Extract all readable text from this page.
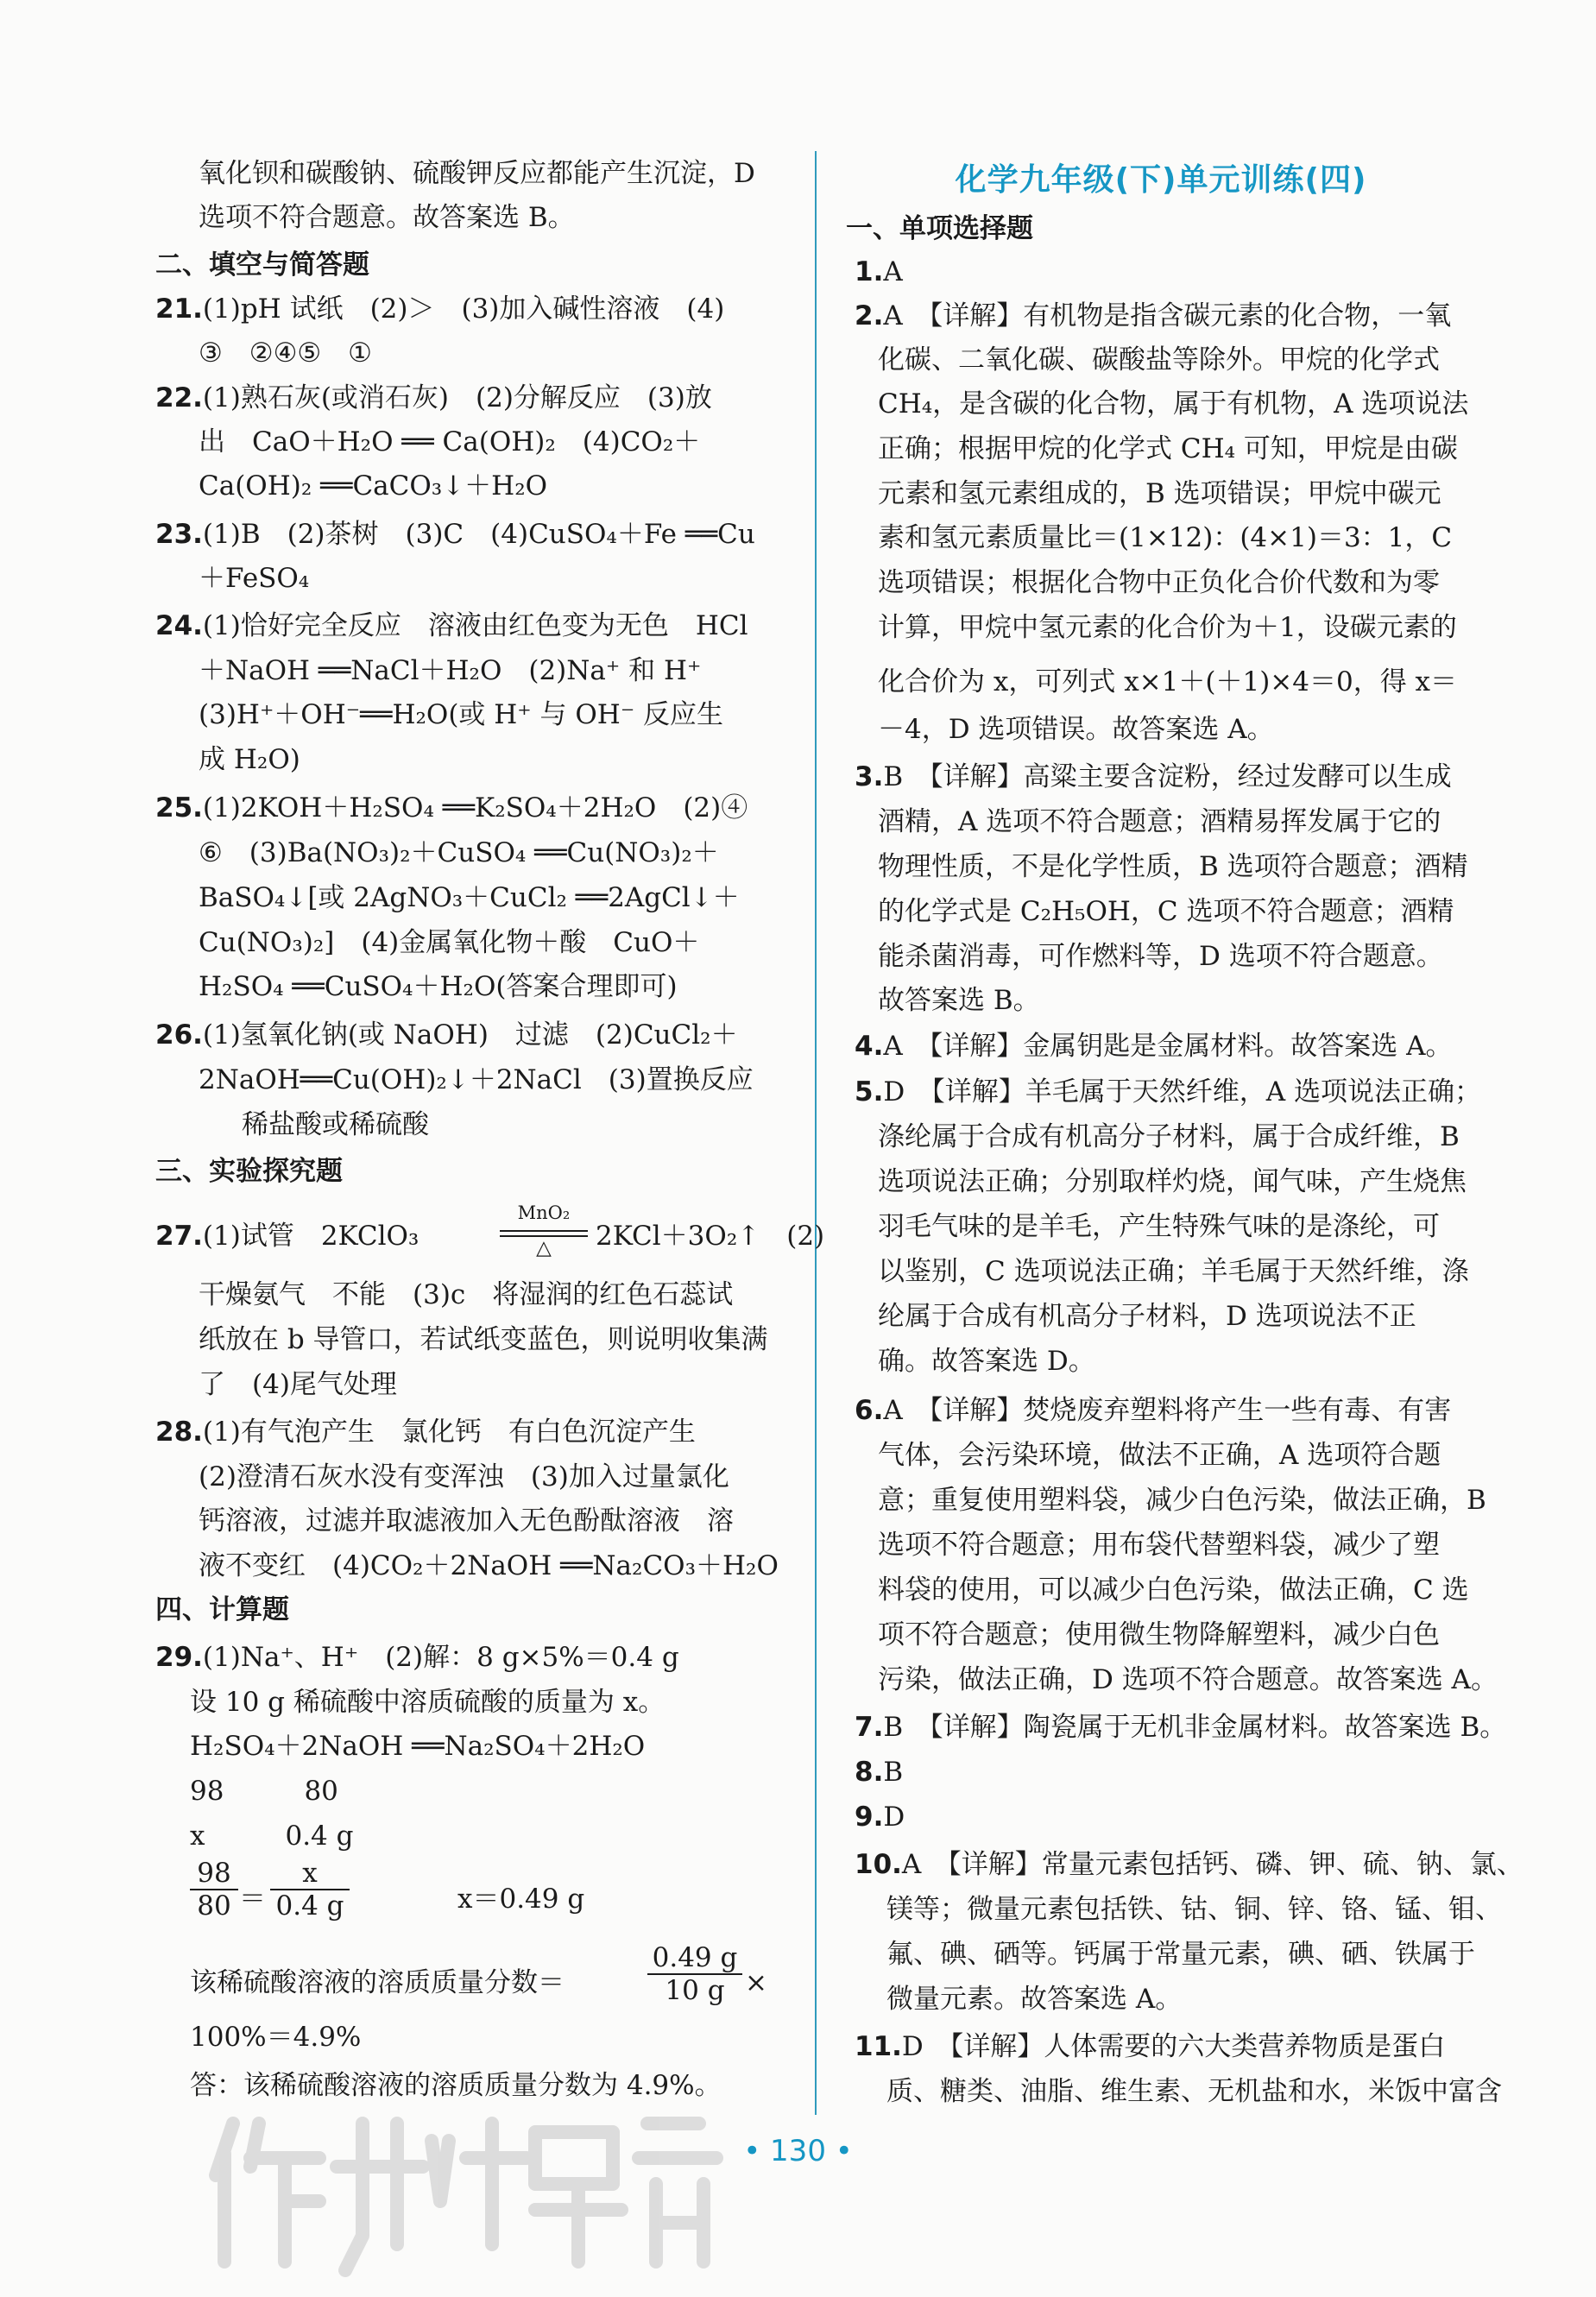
氧化钡和碳酸钠、硫酸钾反应都能产生沉淀，D
选项不符合题意。故答案选 B。
二、填空与简答题
21.(1)pH 试纸　(2)＞　(3)加入碱性溶液　(4)
③　②④⑤　①
22.(1)熟石灰(或消石灰)　(2)分解反应　(3)放
出　CaO＋H₂O ══ Ca(OH)₂　(4)CO₂＋
Ca(OH)₂ ══CaCO₃↓＋H₂O
23.(1)B　(2)茶树　(3)C　(4)CuSO₄＋Fe ══Cu
＋FeSO₄
24.(1)恰好完全反应　溶液由红色变为无色　HCl
＋NaOH ══NaCl＋H₂O　(2)Na⁺ 和 H⁺
(3)H⁺＋OH⁻══H₂O(或 H⁺ 与 OH⁻ 反应生
成 H₂O)
25.(1)2KOH＋H₂SO₄ ══K₂SO₄＋2H₂O　(2)④
⑥　(3)Ba(NO₃)₂＋CuSO₄ ══Cu(NO₃)₂＋
BaSO₄↓[或 2AgNO₃＋CuCl₂ ══2AgCl↓＋
Cu(NO₃)₂]　(4)金属氧化物＋酸　CuO＋
H₂SO₄ ══CuSO₄＋H₂O(答案合理即可)
26.(1)氢氧化钠(或 NaOH)　过滤　(2)CuCl₂＋
2NaOH══Cu(OH)₂↓＋2NaCl　(3)置换反应
稀盐酸或稀硫酸
三、实验探究题
27.(1)试管　2KClO₃
MnO₂
△	2KCl＋3O₂↑　(2)
干燥氨气　不能　(3)c　将湿润的红色石蕊试
纸放在 b 导管口，若试纸变蓝色，则说明收集满
了　(4)尾气处理
28.(1)有气泡产生　氯化钙　有白色沉淀产生
(2)澄清石灰水没有变浑浊　(3)加入过量氯化
钙溶液，过滤并取滤液加入无色酚酞溶液　溶
液不变红　(4)CO₂＋2NaOH ══Na₂CO₃＋H₂O
四、计算题
29.(1)Na⁺、H⁺　(2)解：8 g×5%＝0.4 g
设 10 g 稀硫酸中溶质硫酸的质量为 x。
H₂SO₄＋2NaOH ══Na₂SO₄＋2H₂O
98　　　80
x　　　0.4 g
$\frac{98}{80} = \frac{x}{0.4 g}$	x＝0.49 g
该稀硫酸溶液的溶质质量分数＝	$\frac{0.49 g}{10 g}$ ×
100%＝4.9%
答：该稀硫酸溶液的溶质质量分数为 4.9%。
化学九年级(下)单元训练(四)
一、单项选择题
1.A
2.A　【详解】有机物是指含碳元素的化合物，一氧
化碳、二氧化碳、碳酸盐等除外。甲烷的化学式
CH₄，是含碳的化合物，属于有机物，A 选项说法
正确；根据甲烷的化学式 CH₄ 可知，甲烷是由碳
元素和氢元素组成的，B 选项错误；甲烷中碳元
素和氢元素质量比＝(1×12)：(4×1)＝3：1，C
选项错误；根据化合物中正负化合价代数和为零
计算，甲烷中氢元素的化合价为＋1，设碳元素的
化合价为 x，可列式 x×1＋(＋1)×4＝0，得 x＝
－4，D 选项错误。故答案选 A。
3.B　【详解】高粱主要含淀粉，经过发酵可以生成
酒精，A 选项不符合题意；酒精易挥发属于它的
物理性质，不是化学性质，B 选项符合题意；酒精
的化学式是 C₂H₅OH，C 选项不符合题意；酒精
能杀菌消毒，可作燃料等，D 选项不符合题意。
故答案选 B。
4.A　【详解】金属钥匙是金属材料。故答案选 A。
5.D　【详解】羊毛属于天然纤维，A 选项说法正确；
涤纶属于合成有机高分子材料，属于合成纤维，B
选项说法正确；分别取样灼烧，闻气味，产生烧焦
羽毛气味的是羊毛，产生特殊气味的是涤纶，可
以鉴别，C 选项说法正确；羊毛属于天然纤维，涤
纶属于合成有机高分子材料，D 选项说法不正
确。故答案选 D。
6.A　【详解】焚烧废弃塑料将产生一些有毒、有害
气体，会污染环境，做法不正确，A 选项符合题
意；重复使用塑料袋，减少白色污染，做法正确，B
选项不符合题意；用布袋代替塑料袋，减少了塑
料袋的使用，可以减少白色污染，做法正确，C 选
项不符合题意；使用微生物降解塑料，减少白色
污染，做法正确，D 选项不符合题意。故答案选 A。
7.B　【详解】陶瓷属于无机非金属材料。故答案选 B。
8.B
9.D
10.A　【详解】常量元素包括钙、磷、钾、硫、钠、氯、
镁等；微量元素包括铁、钴、铜、锌、铬、锰、钼、
氟、碘、硒等。钙属于常量元素，碘、硒、铁属于
微量元素。故答案选 A。
11.D　【详解】人体需要的六大类营养物质是蛋白
质、糖类、油脂、维生素、无机盐和水，米饭中富含
• 130 •
